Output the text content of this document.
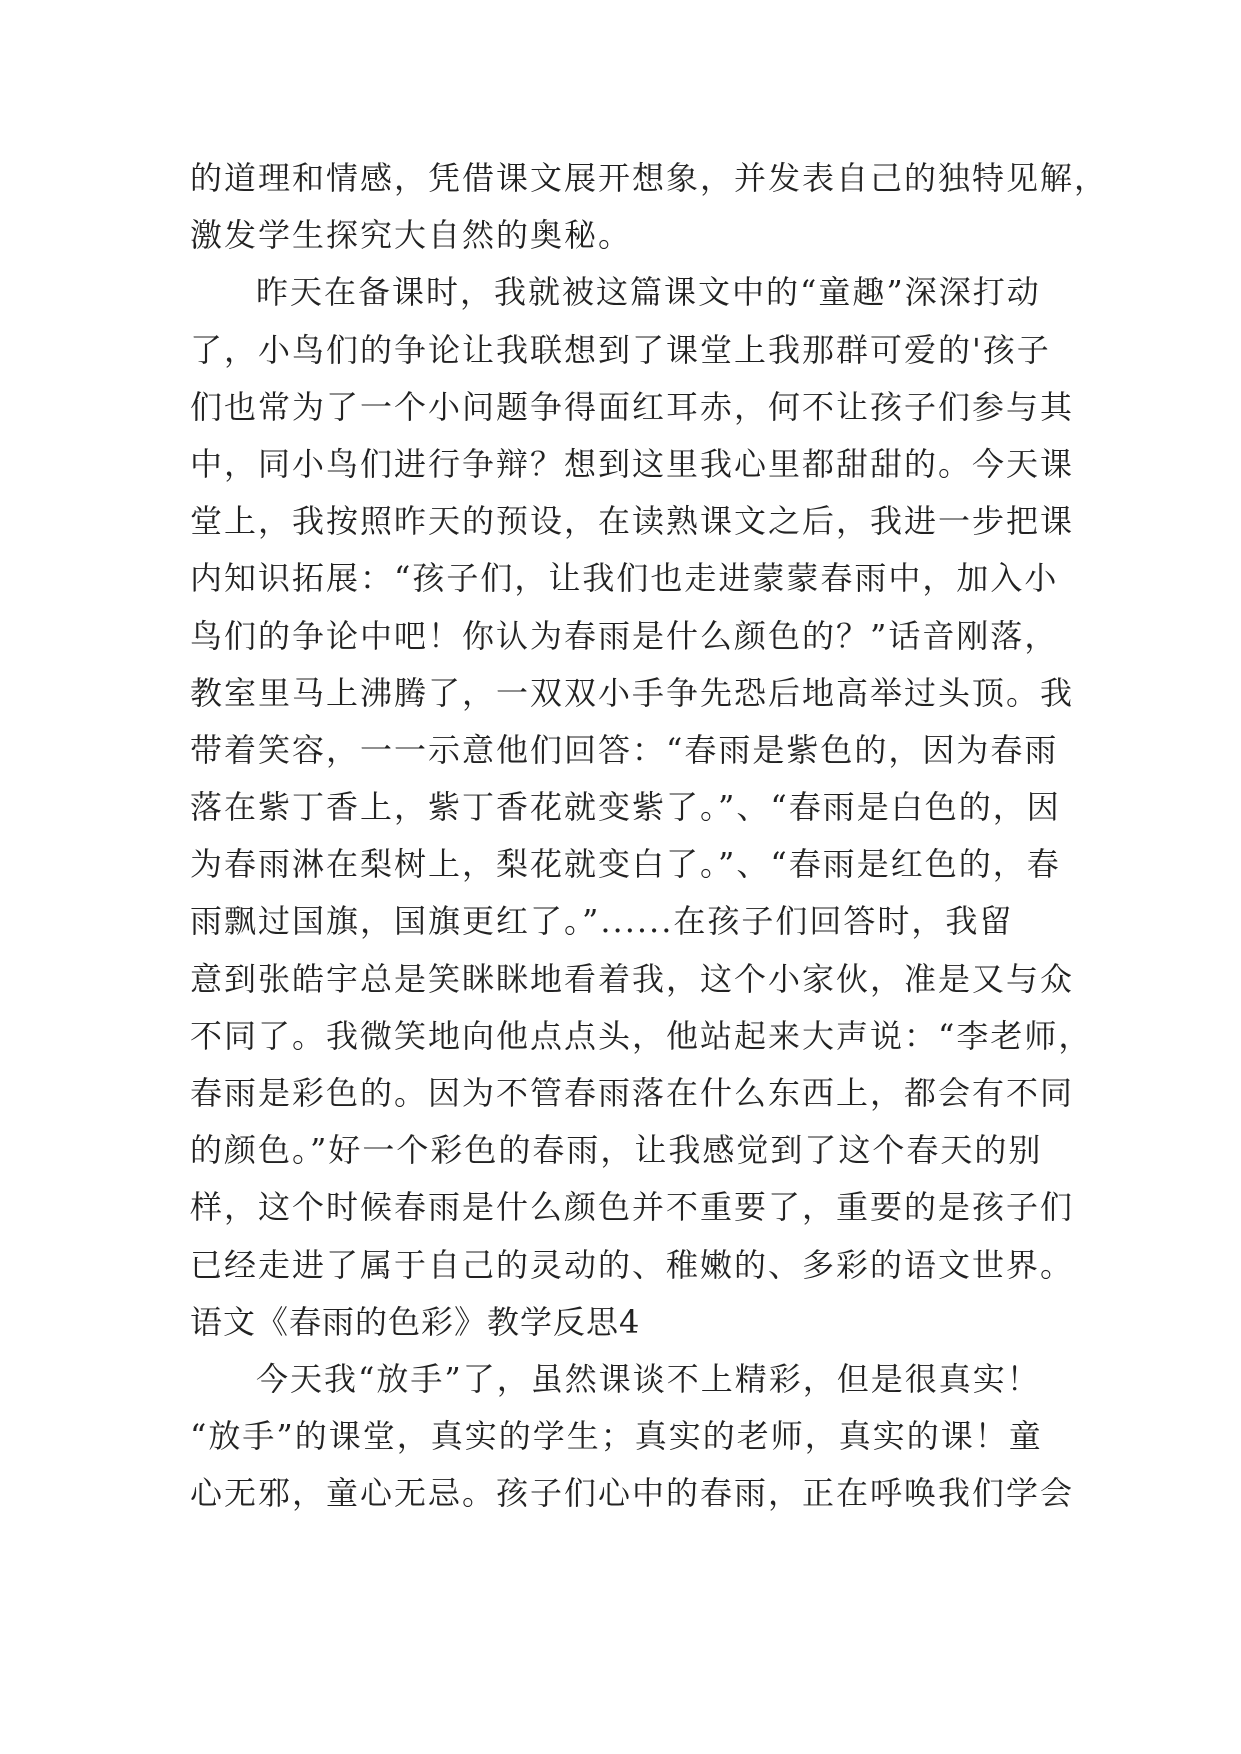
的道理和情感，凭借课文展开想象，并发表自己的独特见解，
激发学生探究大自然的奥秘。
昨天在备课时，我就被这篇课文中的“童趣”深深打动
了，小鸟们的争论让我联想到了课堂上我那群可爱的'孩子
们也常为了一个小问题争得面红耳赤，何不让孩子们参与其
中，同小鸟们进行争辩？想到这里我心里都甜甜的。今天课
堂上，我按照昨天的预设，在读熟课文之后，我进一步把课
内知识拓展：“孩子们，让我们也走进蒙蒙春雨中，加入小
鸟们的争论中吧！你认为春雨是什么颜色的？”话音刚落，
教室里马上沸腾了，一双双小手争先恐后地高举过头顶。我
带着笑容，一一示意他们回答：“春雨是紫色的，因为春雨
落在紫丁香上，紫丁香花就变紫了。”、“春雨是白色的，因
为春雨淋在梨树上，梨花就变白了。”、“春雨是红色的，春
雨飘过国旗，国旗更红了。”......在孩子们回答时，我留
意到张皓宇总是笑眯眯地看着我，这个小家伙，准是又与众
不同了。我微笑地向他点点头，他站起来大声说：“李老师，
春雨是彩色的。因为不管春雨落在什么东西上，都会有不同
的颜色。”好一个彩色的春雨，让我感觉到了这个春天的别
样，这个时候春雨是什么颜色并不重要了，重要的是孩子们
已经走进了属于自己的灵动的、稚嫩的、多彩的语文世界。
语文《春雨的色彩》教学反思4
今天我“放手”了，虽然课谈不上精彩，但是很真实！
“放手”的课堂，真实的学生；真实的老师，真实的课！童
心无邪，童心无忌。孩子们心中的春雨，正在呼唤我们学会
